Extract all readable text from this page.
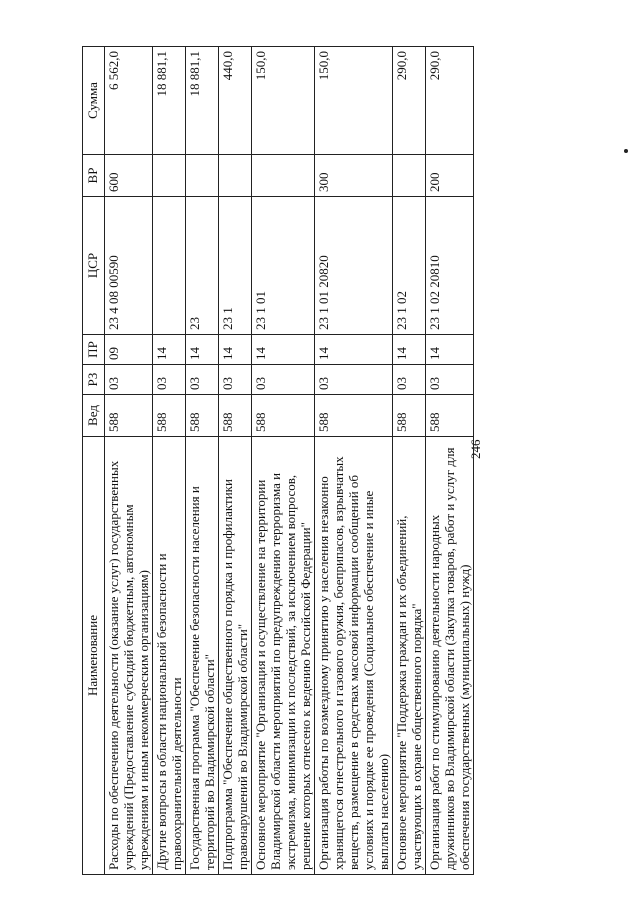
246
Наименование	Вед	РЗ	ПР	ЦСР	ВР	Сумма
Расходы по обеспечению деятельности (оказание услуг) государственных учреждений (Предоставление субсидий бюджетным, автономным учреждениям и иным некоммерческим организациям)	588	03	09	23 4 08 00590	600	6 562,0
Другие вопросы в области национальной безопасности и правоохранительной деятельности	588	03	14			18 881,1
Государственная программа "Обеспечение безопасности населения и территорий во Владимирской области"	588	03	14	23		18 881,1
Подпрограмма "Обеспечение общественного порядка и профилактики правонарушений во Владимирской области"	588	03	14	23 1		440,0
Основное мероприятие "Организация и осуществление на территории Владимирской области мероприятий по предупреждению терроризма и экстремизма, минимизации их последствий, за исключением вопросов, решение которых отнесено к ведению Российской Федерации"	588	03	14	23 1 01		150,0
Организация работы по возмездному принятию у населения незаконно хранящегося огнестрельного и газового оружия, боеприпасов, взрывчатых веществ, размещение в средствах массовой информации сообщений об условиях и порядке ее проведения (Социальное обеспечение и иные выплаты населению)	588	03	14	23 1 01 20820	300	150,0
Основное мероприятие "Поддержка граждан и их объединений, участвующих в охране общественного порядка"	588	03	14	23 1 02		290,0
Организация работ по стимулированию деятельности народных дружинников во Владимирской области (Закупка товаров, работ и услуг для обеспечения государственных (муниципальных) нужд)	588	03	14	23 1 02 20810	200	290,0
